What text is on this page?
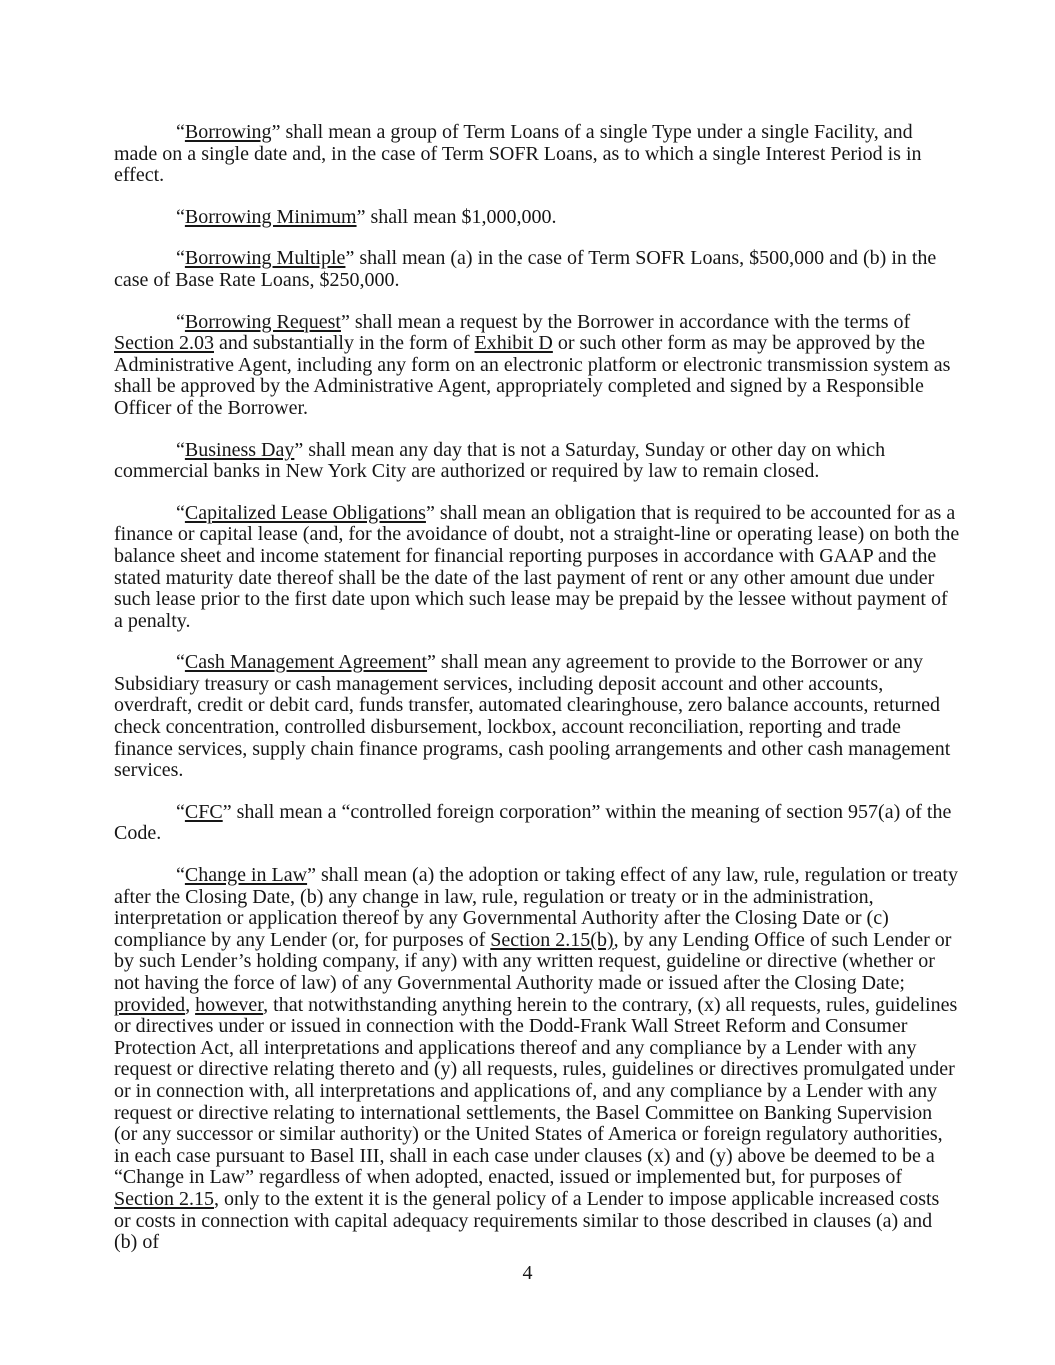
“Borrowing” shall mean a group of Term Loans of a single Type under a single Facility, and made on a single date and, in the case of Term SOFR Loans, as to which a single Interest Period is in effect.

“Borrowing Minimum” shall mean $1,000,000.

“Borrowing Multiple” shall mean (a) in the case of Term SOFR Loans, $500,000 and (b) in the case of Base Rate Loans, $250,000.

“Borrowing Request” shall mean a request by the Borrower in accordance with the terms of Section 2.03 and substantially in the form of Exhibit D or such other form as may be approved by the Administrative Agent, including any form on an electronic platform or electronic transmission system as shall be approved by the Administrative Agent, appropriately completed and signed by a Responsible Officer of the Borrower.

“Business Day” shall mean any day that is not a Saturday, Sunday or other day on which commercial banks in New York City are authorized or required by law to remain closed.

“Capitalized Lease Obligations” shall mean an obligation that is required to be accounted for as a finance or capital lease (and, for the avoidance of doubt, not a straight-line or operating lease) on both the balance sheet and income statement for financial reporting purposes in accordance with GAAP and the stated maturity date thereof shall be the date of the last payment of rent or any other amount due under such lease prior to the first date upon which such lease may be prepaid by the lessee without payment of a penalty.

“Cash Management Agreement” shall mean any agreement to provide to the Borrower or any Subsidiary treasury or cash management services, including deposit account and other accounts, overdraft, credit or debit card, funds transfer, automated clearinghouse, zero balance accounts, returned check concentration, controlled disbursement, lockbox, account reconciliation, reporting and trade finance services, supply chain finance programs, cash pooling arrangements and other cash management services.

“CFC” shall mean a “controlled foreign corporation” within the meaning of section 957(a) of the Code.

“Change in Law” shall mean (a) the adoption or taking effect of any law, rule, regulation or treaty after the Closing Date, (b) any change in law, rule, regulation or treaty or in the administration, interpretation or application thereof by any Governmental Authority after the Closing Date or (c) compliance by any Lender (or, for purposes of Section 2.15(b), by any Lending Office of such Lender or by such Lender’s holding company, if any) with any written request, guideline or directive (whether or not having the force of law) of any Governmental Authority made or issued after the Closing Date; provided, however, that notwithstanding anything herein to the contrary, (x) all requests, rules, guidelines or directives under or issued in connection with the Dodd-Frank Wall Street Reform and Consumer Protection Act, all interpretations and applications thereof and any compliance by a Lender with any request or directive relating thereto and (y) all requests, rules, guidelines or directives promulgated under or in connection with, all interpretations and applications of, and any compliance by a Lender with any request or directive relating to international settlements, the Basel Committee on Banking Supervision (or any successor or similar authority) or the United States of America or foreign regulatory authorities, in each case pursuant to Basel III, shall in each case under clauses (x) and (y) above be deemed to be a “Change in Law” regardless of when adopted, enacted, issued or implemented but, for purposes of Section 2.15, only to the extent it is the general policy of a Lender to impose applicable increased costs or costs in connection with capital adequacy requirements similar to those described in clauses (a) and (b) of

4
